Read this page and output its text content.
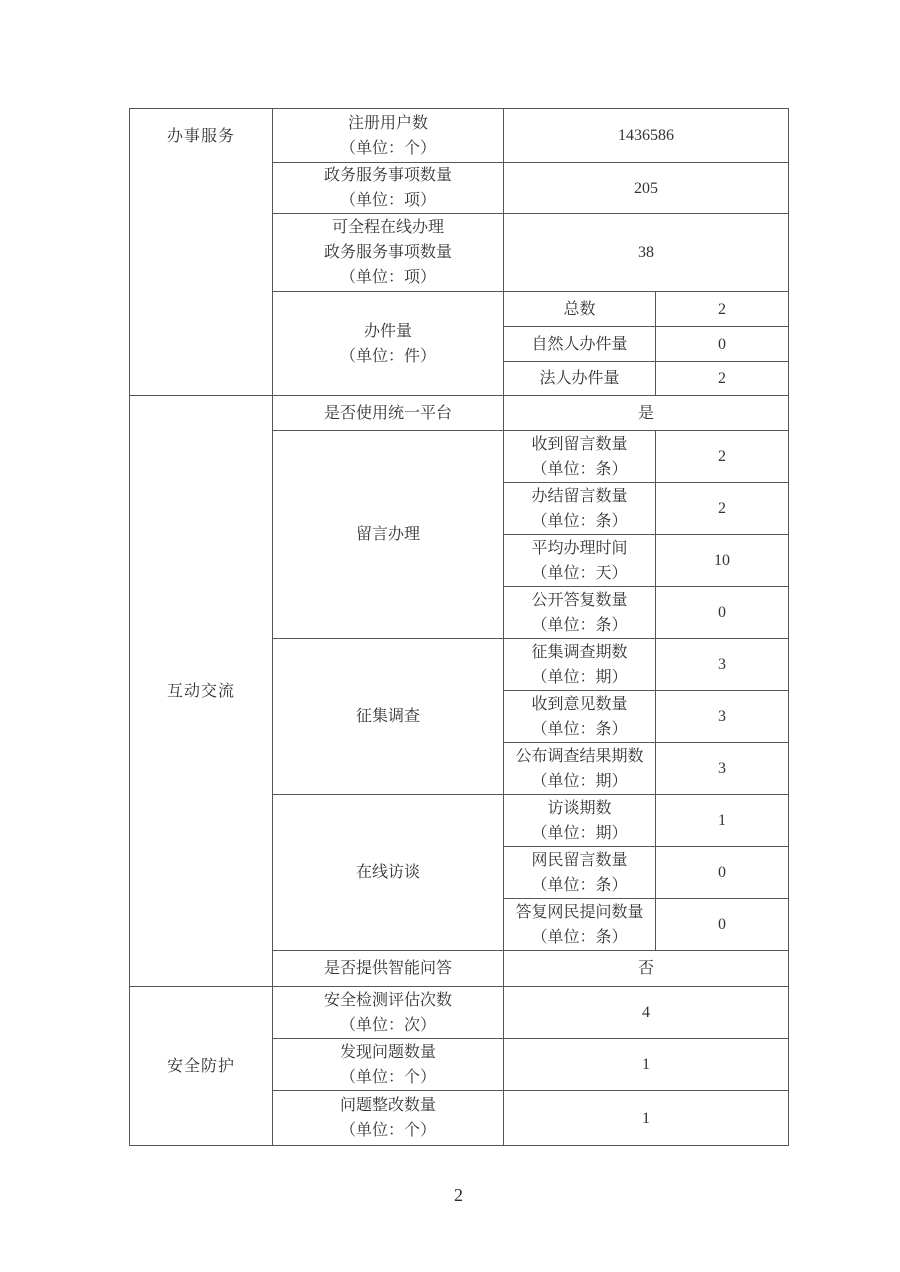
办事服务	注册用户数
（单位：个）	1436586	

	政务服务事项数量
（单位：项）	205	

	可全程在线办理
政务服务事项数量
（单位：项）	38	

	办件量
（单位：件）	总数	2

		自然人办件量	0

		法人办件量	2
互动交流	是否使用统一平台	是	

	留言办理	收到留言数量
（单位：条）	2

		办结留言数量
（单位：条）	2

		平均办理时间
（单位：天）	10

		公开答复数量
（单位：条）	0

	征集调查	征集调查期数
（单位：期）	3

		收到意见数量
（单位：条）	3

		公布调查结果期数
（单位：期）	3

	在线访谈	访谈期数
（单位：期）	1

		网民留言数量
（单位：条）	0

		答复网民提问数量
（单位：条）	0

	是否提供智能问答	否	
安全防护	安全检测评估次数
（单位：次）	4	

	发现问题数量
（单位：个）	1	

	问题整改数量
（单位：个）	1	
2
